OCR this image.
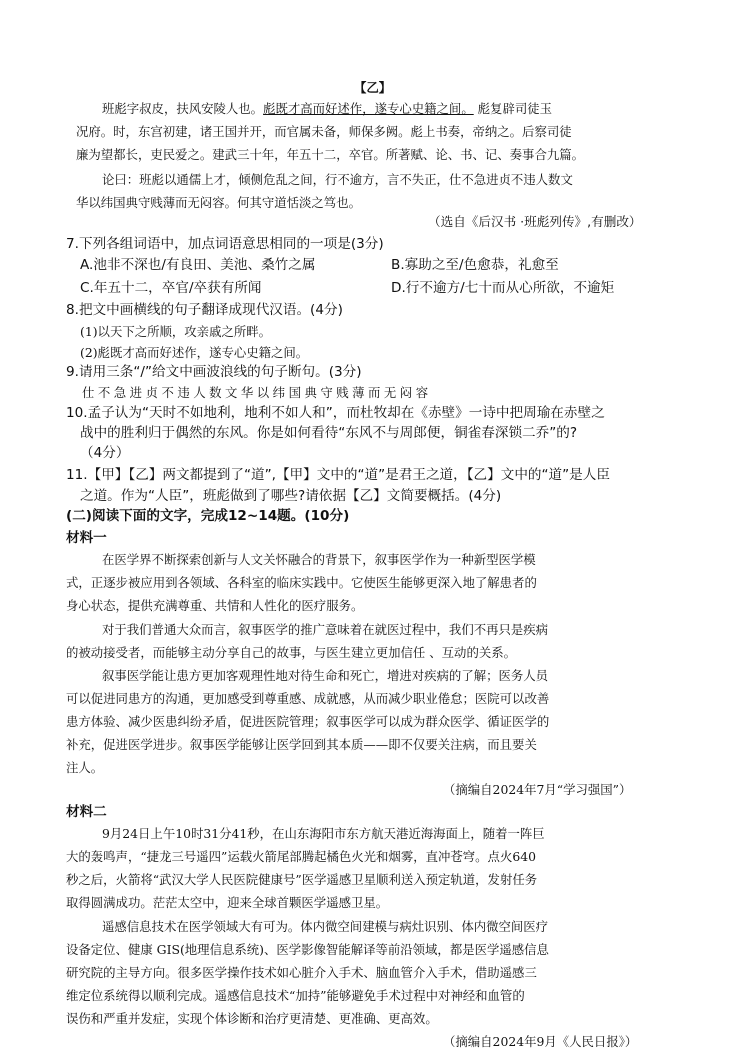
【乙】
班彪字叔皮，扶风安陵人也。彪既才高而好述作，遂专心史籍之间。 彪复辟司徒玉
况府。时，东宫初建，诸王国并开，而官属未备，师保多阙。彪上书奏，帝纳之。后察司徒
廉为望都长，吏民爱之。建武三十年，年五十二，卒官。所著赋、论、书、记、奏事合九篇。
论曰：班彪以通儒上才，倾侧危乱之间，行不逾方，言不失正，仕不急进贞不违人数文
华以纬国典守贱薄而无闷容。何其守道恬淡之笃也。
（选自《后汉书 ·班彪列传》,有删改）
7.下列各组词语中，加点词语意思相同的一项是(3分)
A.池非不深也/有良田、美池、桑竹之属	B.寡助之至/色愈恭，礼愈至
C.年五十二，卒官/卒获有所闻	D.行不逾方/七十而从心所欲，不逾矩
8.把文中画横线的句子翻译成现代汉语。(4分)
(1)以天下之所顺，攻亲戚之所畔。
(2)彪既才高而好述作，遂专心史籍之间。
9.请用三条“/”给文中画波浪线的句子断句。(3分)
仕不急进贞不违人数文华以纬国典守贱薄而无闷容
10.孟子认为“天时不如地利，地利不如人和”，而杜牧却在《赤壁》一诗中把周瑜在赤壁之
战中的胜利归于偶然的东风。你是如何看待“东风不与周郎便，铜雀春深锁二乔”的?
（4分）
11.【甲】【乙】两文都提到了“道”,【甲】文中的“道”是君王之道，【乙】文中的“道”是人臣
之道。作为“人臣”，班彪做到了哪些?请依据【乙】文简要概括。(4分)
(二)阅读下面的文字，完成12~14题。(10分)
材料一
在医学界不断探索创新与人文关怀融合的背景下，叙事医学作为一种新型医学模
式，正逐步被应用到各领域、各科室的临床实践中。它使医生能够更深入地了解患者的
身心状态，提供充满尊重、共情和人性化的医疗服务。
对于我们普通大众而言，叙事医学的推广意味着在就医过程中，我们不再只是疾病
的被动接受者，而能够主动分享自己的故事，与医生建立更加信任 、互动的关系。
叙事医学能让患方更加客观理性地对待生命和死亡，增进对疾病的了解；医务人员
可以促进同患方的沟通，更加感受到尊重感、成就感，从而减少职业倦怠；医院可以改善
患方体验、减少医患纠纷矛盾，促进医院管理；叙事医学可以成为群众医学、循证医学的
补充，促进医学进步。叙事医学能够让医学回到其本质——即不仅要关注病，而且要关
注人。
（摘编自2024年7月“学习强国”）
材料二
9月24日上午10时31分41秒，在山东海阳市东方航天港近海海面上，随着一阵巨
大的轰鸣声，“捷龙三号遥四”运载火箭尾部腾起橘色火光和烟雾，直冲苍穹。点火640
秒之后，火箭将“武汉大学人民医院健康号”医学遥感卫星顺利送入预定轨道，发射任务
取得圆满成功。茫茫太空中，迎来全球首颗医学遥感卫星。
遥感信息技术在医学领域大有可为。体内微空间建模与病灶识别、体内微空间医疗
设备定位、健康 GIS(地理信息系统)、医学影像智能解译等前沿领域，都是医学遥感信息
研究院的主导方向。很多医学操作技术如心脏介入手术、脑血管介入手术，借助遥感三
维定位系统得以顺利完成。遥感信息技术“加持”能够避免手术过程中对神经和血管的
误伤和严重并发症，实现个体诊断和治疗更清楚、更准确、更高效。
（摘编自2024年9月《人民日报》）
